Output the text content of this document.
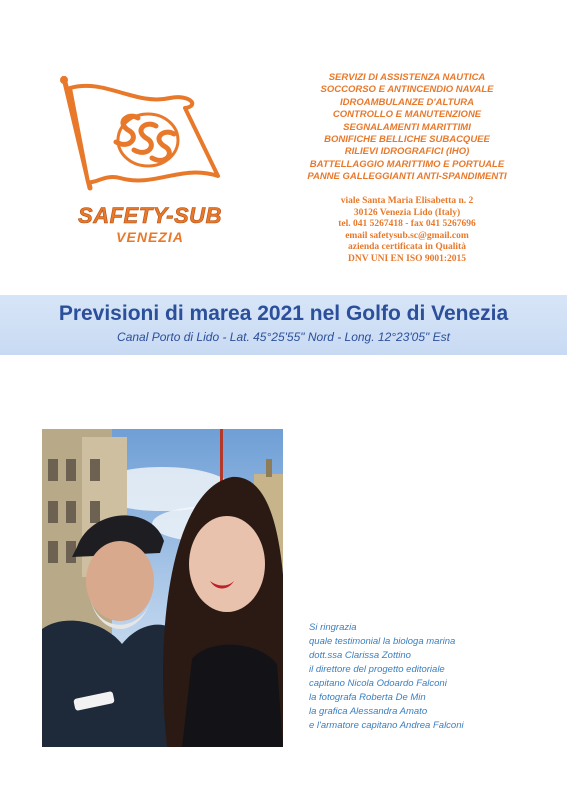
SAFETY-SUB
VENEZIA
SERVIZI DI ASSISTENZA NAUTICA
SOCCORSO E ANTINCENDIO NAVALE
IDROAMBULANZE D'ALTURA
CONTROLLO E MANUTENZIONE
SEGNALAMENTI MARITTIMI
BONIFICHE BELLICHE SUBACQUEE
RILIEVI IDROGRAFICI (IHO)
BATTELLAGGIO MARITTIMO E PORTUALE
PANNE GALLEGGIANTI ANTI-SPANDIMENTI
viale Santa Maria Elisabetta n. 2
30126 Venezia Lido (Italy)
tel. 041 5267418 - fax 041 5267696
email safetysub.sc@gmail.com
azienda certificata in Qualità
DNV UNI EN ISO 9001:2015
Previsioni di marea 2021 nel Golfo di Venezia
Canal Porto di Lido - Lat. 45°25'55" Nord - Long. 12°23'05" Est
Si ringrazia
quale testimonial la biologa marina
dott.ssa Clarissa Zottino
il direttore del progetto editoriale
capitano Nicola Odoardo Falconi
la fotografa Roberta De Min
la grafica Alessandra Amato
e l'armatore capitano Andrea Falconi
